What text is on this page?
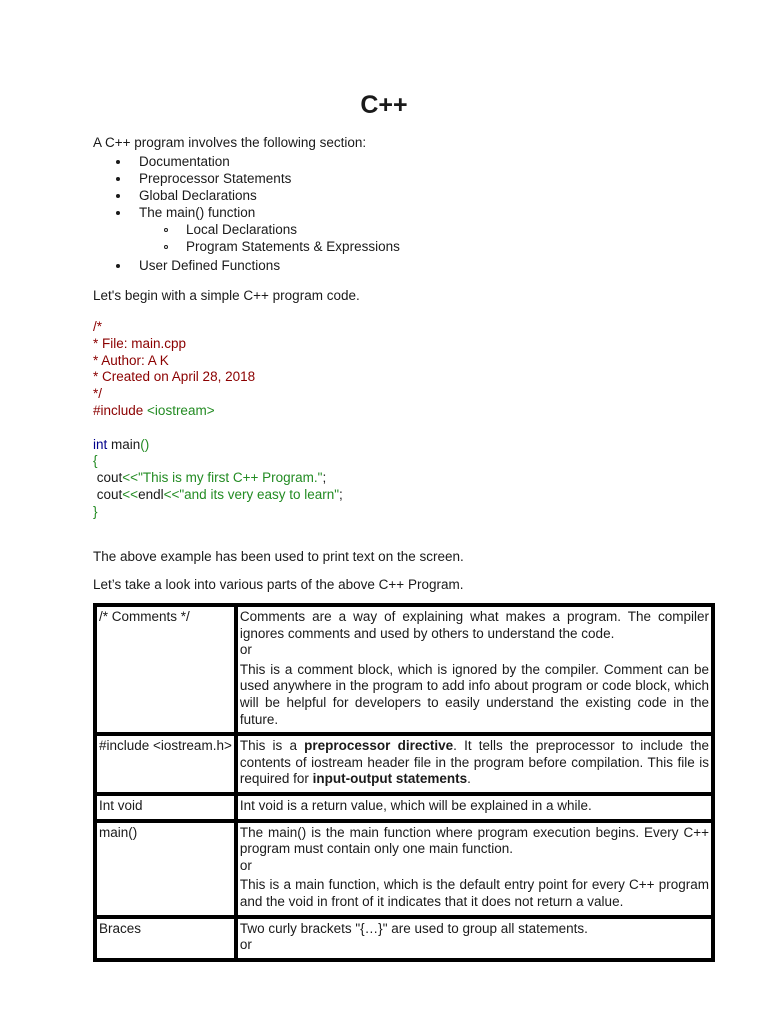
C++

A C++ program involves the following section:

Documentation
Preprocessor Statements
Global Declarations
The main() function
Local Declarations
Program Statements & Expressions
User Defined Functions

Let's begin with a simple C++ program code.

/*
* File: main.cpp
* Author: A K
* Created on April 28, 2018
*/
#include <iostream>

int main()
{
cout<<"This is my first C++ Program.";
cout<<endl<<"and its very easy to learn";
}

The above example has been used to print text on the screen.

Let’s take a look into various parts of the above C++ Program.

/* Comments */	Comments are a way of explaining what makes a program. The compiler ignores comments and used by others to understand the code.

or

This is a comment block, which is ignored by the compiler. Comment can be used anywhere in the program to add info about program or code block, which will be helpful for developers to easily understand the existing code in the future.

#include <iostream.h>	This is a preprocessor directive. It tells the preprocessor to include the contents of iostream header file in the program before compilation. This file is required for input-output statements.

Int void	Int void is a return value, which will be explained in a while.

main()	The main() is the main function where program execution begins. Every C++ program must contain only one main function.

or

This is a main function, which is the default entry point for every C++ program and the void in front of it indicates that it does not return a value.

Braces	Two curly brackets "{…}" are used to group all statements.

or
